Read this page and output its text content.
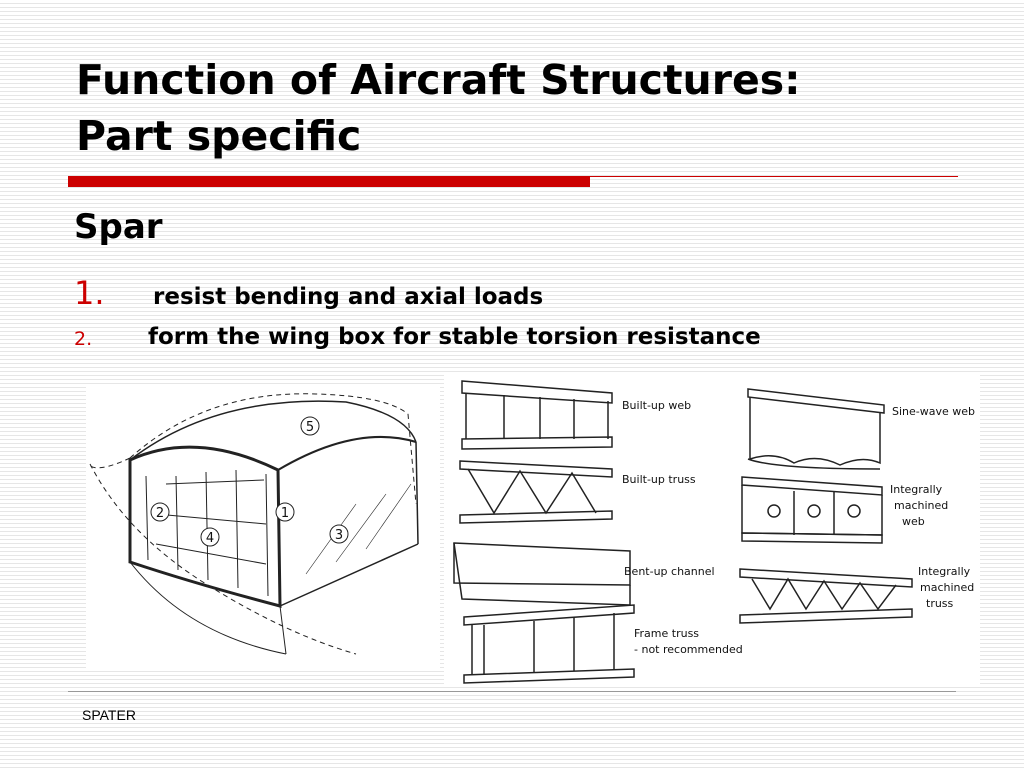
Function of Aircraft Structures:
Part specific
Spar
1. resist bending and axial loads
2. form the wing box for stable torsion resistance
1
2
3
4
5
Built-up web
Built-up truss
Bent-up channel
Frame truss
- not recommended
Sine-wave web
Integrally
machined
web
Integrally
machined
truss
SPATER
